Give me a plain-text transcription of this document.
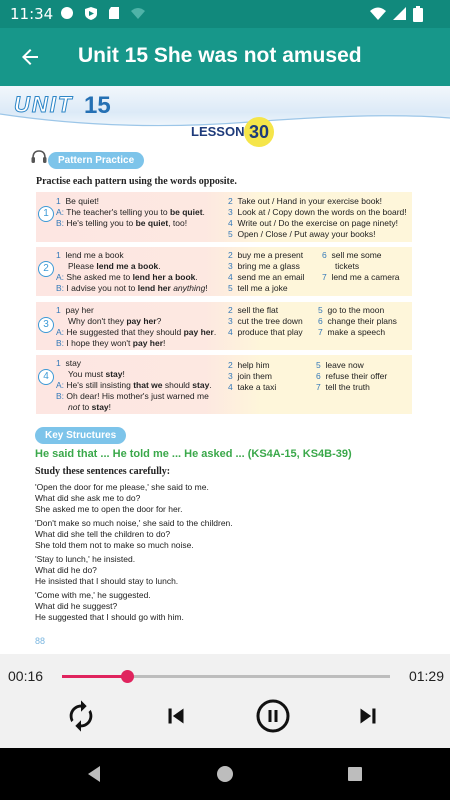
11:34
Unit 15 She was not amused
UNIT 15
LESSON 30
Pattern Practice
Practise each pattern using the words opposite.
1
2
3
4
1 Be quiet!
A: The teacher's telling you to be quiet.
B: He's telling you to be quiet, too!
2 Take out / Hand in your exercise book!
3 Look at / Copy down the words on the board!
4 Write out / Do the exercise on page ninety!
5 Open / Close / Put away your books!
1 lend me a book
Please lend me a book.
A: She asked me to lend her a book.
B: I advise you not to lend her anything!
2 buy me a present
3 bring me a glass
4 send me an email
5 tell me a joke
6 sell me some
tickets
7 lend me a camera
1 pay her
Why don't they pay her?
A: He suggested that they should pay her.
B: I hope they won't pay her!
2 sell the flat
3 cut the tree down
4 produce that play
5 go to the moon
6 change their plans
7 make a speech
1 stay
You must stay!
A: He's still insisting that we should stay.
B: Oh dear! His mother's just warned me
not to stay!
2 help him
3 join them
4 take a taxi
5 leave now
6 refuse their offer
7 tell the truth
Key Structures
He said that ... He told me ... He asked ... (KS4A-15, KS4B-39)
Study these sentences carefully:
'Open the door for me please,' she said to me.
What did she ask me to do?
She asked me to open the door for her.
'Don't make so much noise,' she said to the children.
What did she tell the children to do?
She told them not to make so much noise.
'Stay to lunch,' he insisted.
What did he do?
He insisted that I should stay to lunch.
'Come with me,' he suggested.
What did he suggest?
He suggested that I should go with him.
88
00:16	01:29
